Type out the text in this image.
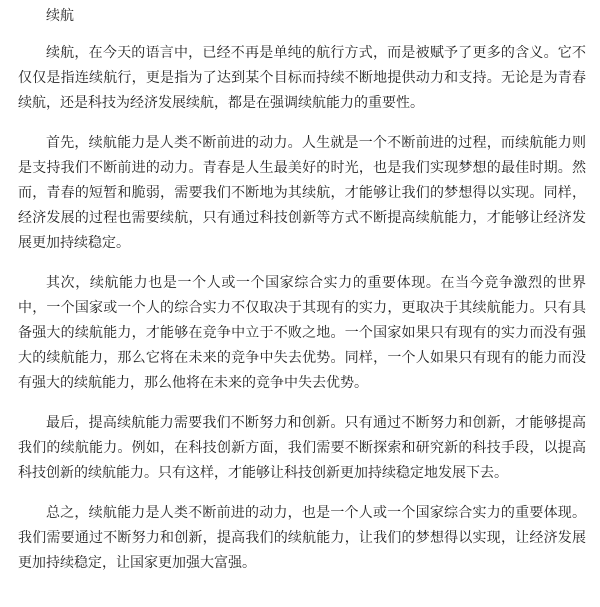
续航

续航，在今天的语言中，已经不再是单纯的航行方式，而是被赋予了更多的含义。它不仅仅是指连续航行，更是指为了达到某个目标而持续不断地提供动力和支持。无论是为青春续航，还是科技为经济发展续航，都是在强调续航能力的重要性。

首先，续航能力是人类不断前进的动力。人生就是一个不断前进的过程，而续航能力则是支持我们不断前进的动力。青春是人生最美好的时光，也是我们实现梦想的最佳时期。然而，青春的短暂和脆弱，需要我们不断地为其续航，才能够让我们的梦想得以实现。同样，经济发展的过程也需要续航，只有通过科技创新等方式不断提高续航能力，才能够让经济发展更加持续稳定。

其次，续航能力也是一个人或一个国家综合实力的重要体现。在当今竞争激烈的世界中，一个国家或一个人的综合实力不仅取决于其现有的实力，更取决于其续航能力。只有具备强大的续航能力，才能够在竞争中立于不败之地。一个国家如果只有现有的实力而没有强大的续航能力，那么它将在未来的竞争中失去优势。同样，一个人如果只有现有的能力而没有强大的续航能力，那么他将在未来的竞争中失去优势。

最后，提高续航能力需要我们不断努力和创新。只有通过不断努力和创新，才能够提高我们的续航能力。例如，在科技创新方面，我们需要不断探索和研究新的科技手段，以提高科技创新的续航能力。只有这样，才能够让科技创新更加持续稳定地发展下去。

总之，续航能力是人类不断前进的动力，也是一个人或一个国家综合实力的重要体现。我们需要通过不断努力和创新，提高我们的续航能力，让我们的梦想得以实现，让经济发展更加持续稳定，让国家更加强大富强。
